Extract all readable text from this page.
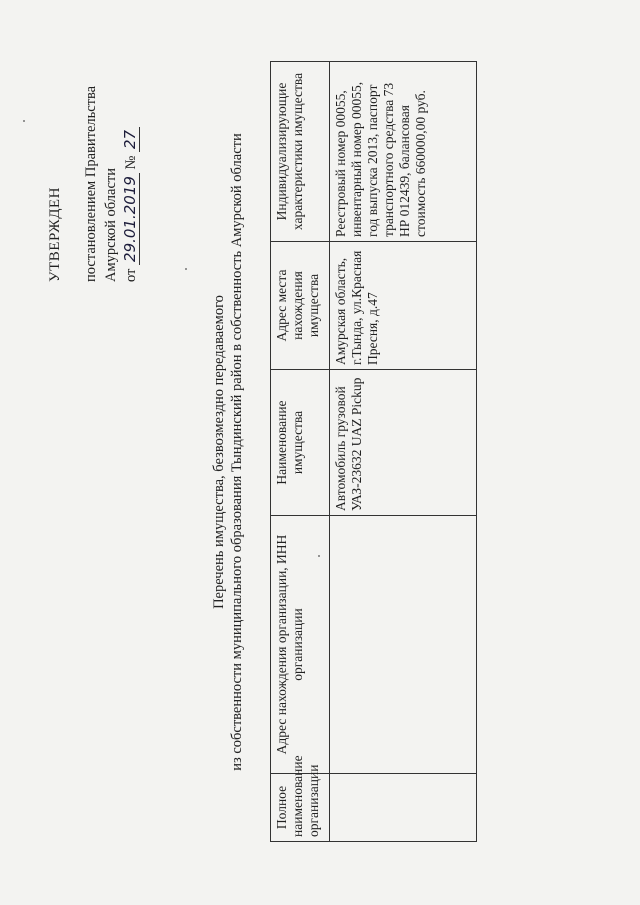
УТВЕРЖДЕН постановлением Правительства Амурской области от 29.01.2019 № 27
Перечень имущества, безвозмездно передаваемого из собственности муниципального образования Тындинский район в собственность Амурской области
Полное наименование организации	Адрес нахождения организации, ИНН организации	Наименование имущества	Адрес места нахождения имущества	Индивидуализирующие характеристики имущества
		Автомобиль грузовой УАЗ-23632 UAZ Pickup	Амурская область, г.Тында, ул.Красная Пресня, д.47	Реестровый номер 00055, инвентарный номер 00055, год выпуска 2013, паспорт транспортного средства 73 НР 012439, балансовая стоимость 660000,00 руб.
